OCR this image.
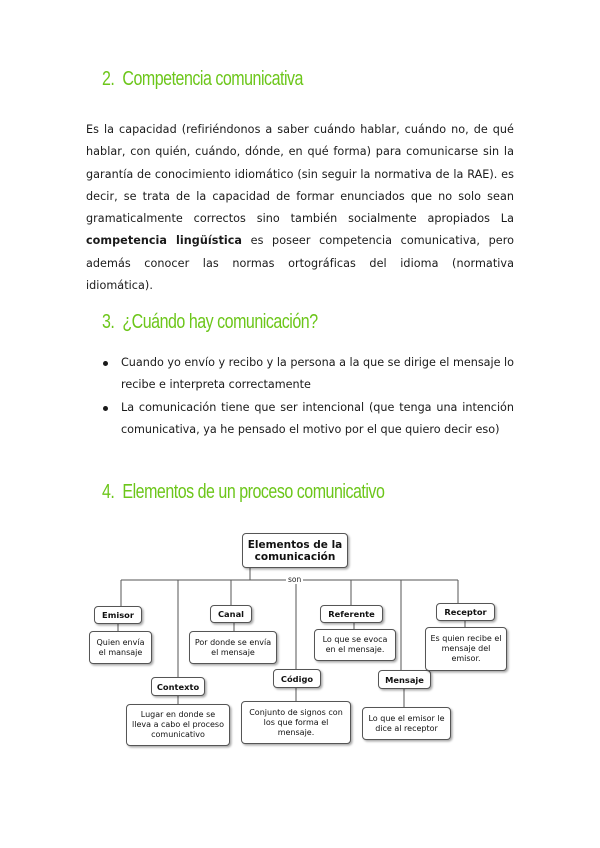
2. Competencia comunicativa

Es la capacidad (refiriéndonos a saber cuándo hablar, cuándo no, de qué hablar, con quién, cuándo, dónde, en qué forma) para comunicarse sin la garantía de conocimiento idiomático (sin seguir la normativa de la RAE). es decir, se trata de la capacidad de formar enunciados que no solo sean gramaticalmente correctos sino también socialmente apropiados La competencia lingüística es poseer competencia comunicativa, pero además conocer las normas ortográficas del idioma (normativa idiomática).

3. ¿Cuándo hay comunicación?
Cuando yo envío y recibo y la persona a la que se dirige el mensaje lo recibe e interpreta correctamente
La comunicación tiene que ser intencional (que tenga una intención comunicativa, ya he pensado el motivo por el que quiero decir eso)
4. Elementos de un proceso comunicativo
Elementos de la comunicación
son
Emisor
Quien envía el mansaje
Contexto
Lugar en donde se lleva a cabo el proceso comunicativo
Canal
Por donde se envía el mensaje
Código
Conjunto de signos con los que forma el mensaje.
Referente
Lo que se evoca en el mensaje.
Mensaje
Lo que el emisor le dice al receptor
Receptor
Es quien recibe el mensaje del emisor.
